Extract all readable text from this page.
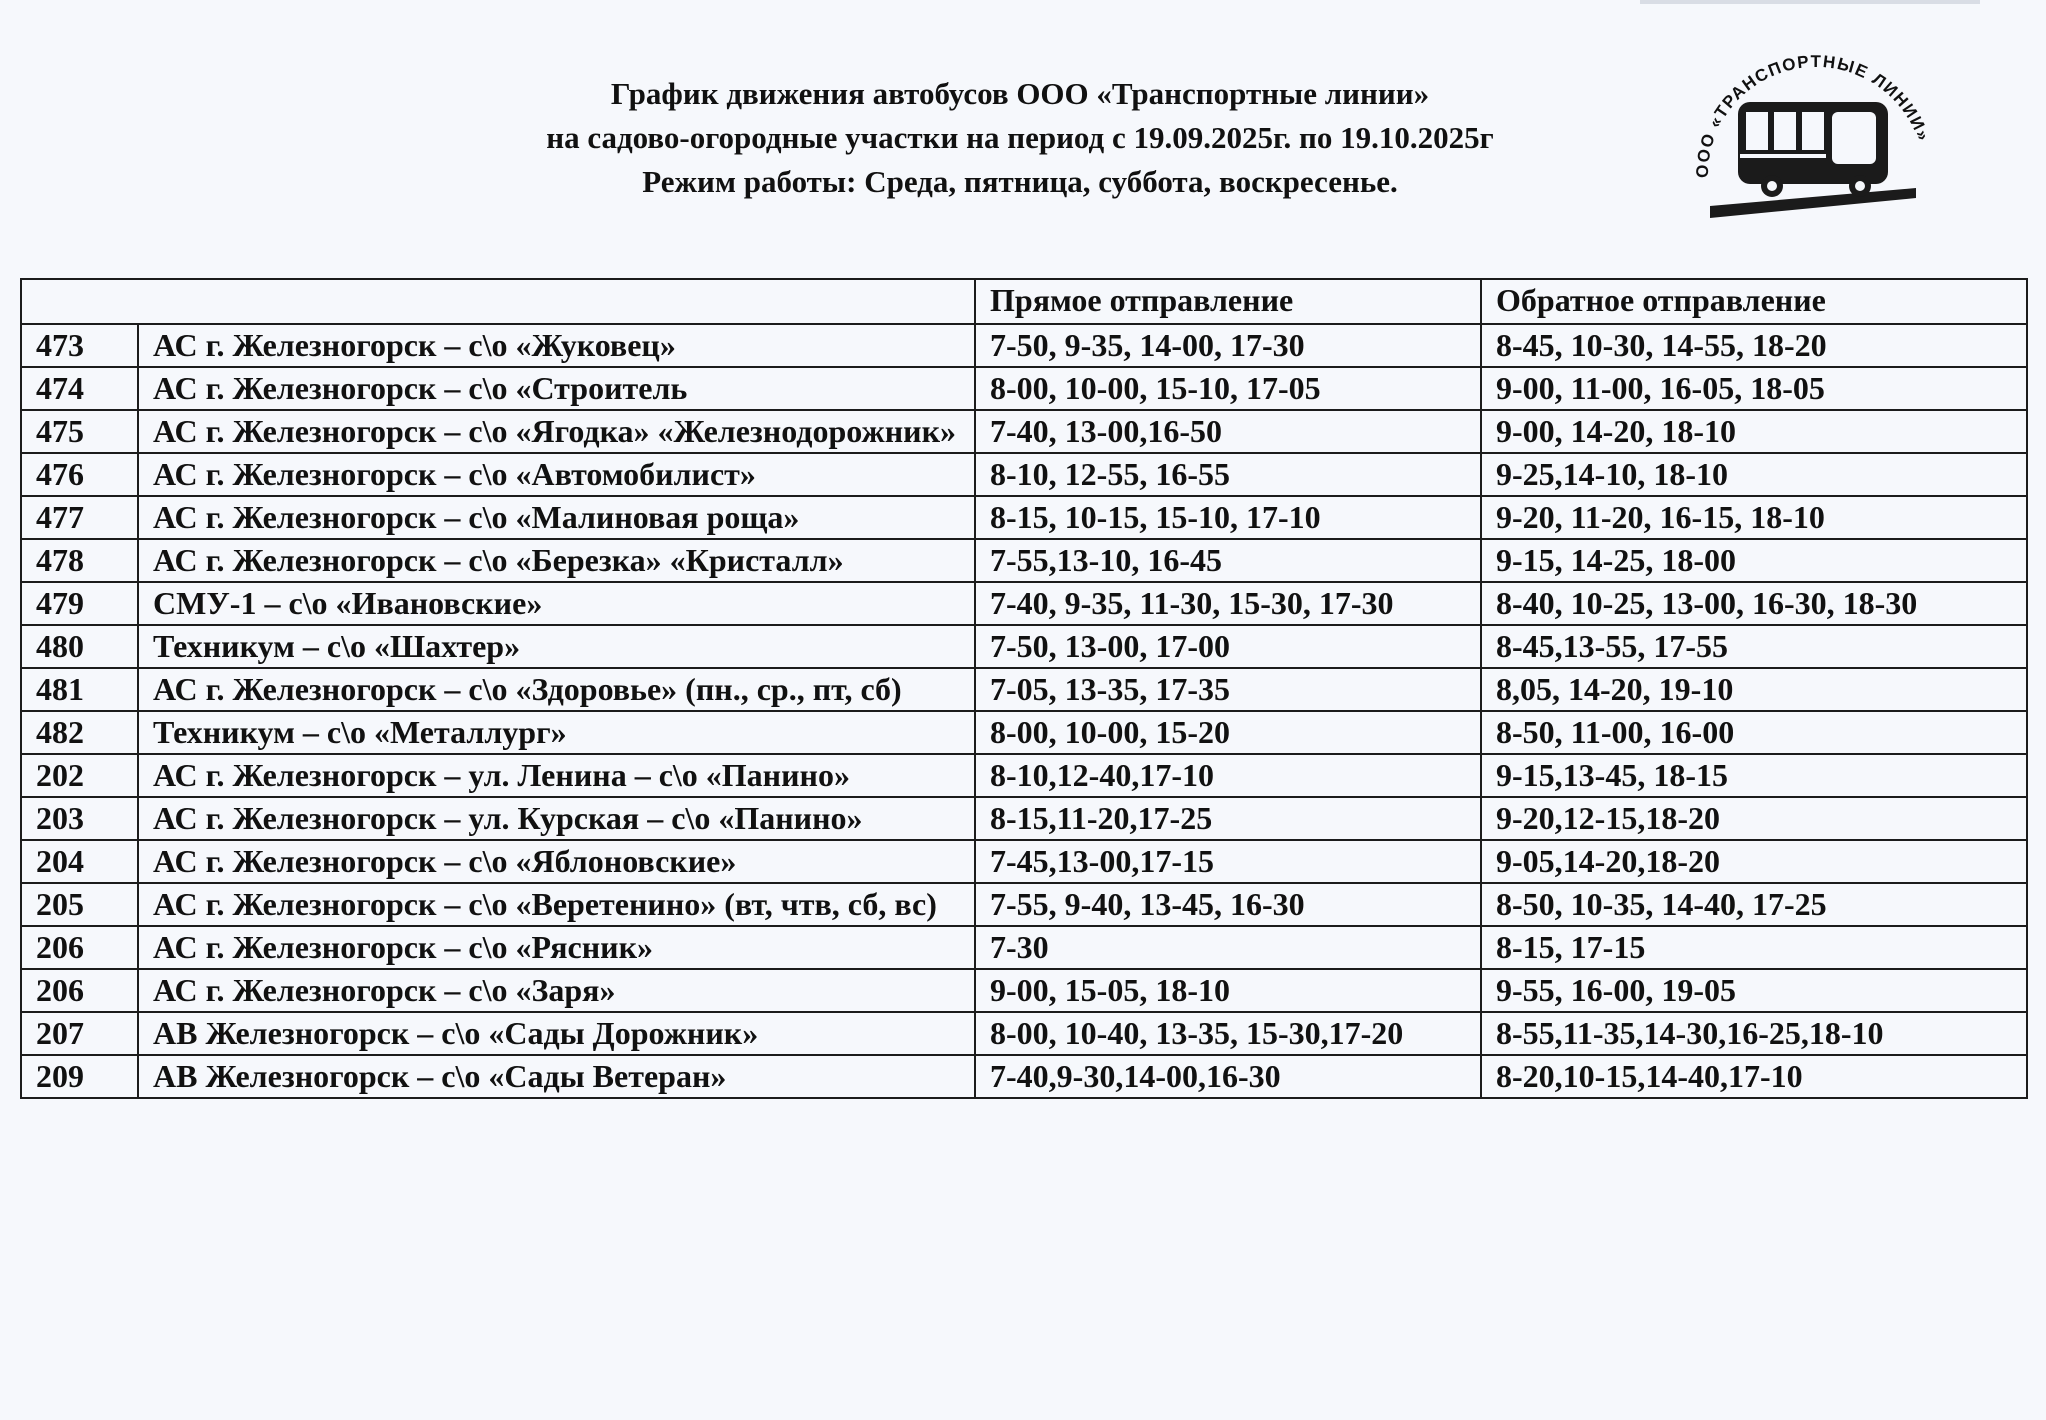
График движения автобусов ООО «Транспортные линии»
на садово-огородные участки на период с 19.09.2025г. по 19.10.2025г
Режим работы: Среда, пятница, суббота, воскресенье.	ООО «ТРАНСПОРТНЫЕ ЛИНИИ»
		Прямое отправление	Обратное отправление
473	АС г. Железногорск – с\о «Жуковец»	7-50, 9-35, 14-00, 17-30	8-45, 10-30, 14-55, 18-20
474	АС г. Железногорск – с\о «Строитель	8-00, 10-00, 15-10, 17-05	9-00, 11-00, 16-05, 18-05
475	АС г. Железногорск – с\о «Ягодка» «Железнодорожник»	7-40, 13-00,16-50	9-00, 14-20, 18-10
476	АС г. Железногорск – с\о «Автомобилист»	8-10, 12-55, 16-55	9-25,14-10, 18-10
477	АС г. Железногорск – с\о «Малиновая роща»	8-15, 10-15, 15-10, 17-10	9-20, 11-20, 16-15, 18-10
478	АС г. Железногорск – с\о «Березка» «Кристалл»	7-55,13-10, 16-45	9-15, 14-25, 18-00
479	СМУ-1 – с\о «Ивановские»	7-40, 9-35, 11-30, 15-30, 17-30	8-40, 10-25, 13-00, 16-30, 18-30
480	Техникум – с\о «Шахтер»	7-50, 13-00, 17-00	8-45,13-55, 17-55
481	АС г. Железногорск – с\о «Здоровье» (пн., ср., пт, сб)	7-05, 13-35, 17-35	8,05, 14-20, 19-10
482	Техникум – с\о «Металлург»	8-00, 10-00, 15-20	8-50, 11-00, 16-00
202	АС г. Железногорск – ул. Ленина – с\о «Панино»	8-10,12-40,17-10	9-15,13-45, 18-15
203	АС г. Железногорск – ул. Курская – с\о «Панино»	8-15,11-20,17-25	9-20,12-15,18-20
204	АС г. Железногорск – с\о «Яблоновские»	7-45,13-00,17-15	9-05,14-20,18-20
205	АС г. Железногорск – с\о «Веретенино» (вт, чтв, сб, вс)	7-55, 9-40, 13-45, 16-30	8-50, 10-35, 14-40, 17-25
206	АС г. Железногорск – с\о «Рясник»	7-30	8-15, 17-15
206	АС г. Железногорск – с\о «Заря»	9-00, 15-05, 18-10	9-55, 16-00, 19-05
207	АВ Железногорск – с\о «Сады Дорожник»	8-00, 10-40, 13-35, 15-30,17-20	8-55,11-35,14-30,16-25,18-10
209	АВ Железногорск – с\о «Сады Ветеран»	7-40,9-30,14-00,16-30	8-20,10-15,14-40,17-10
